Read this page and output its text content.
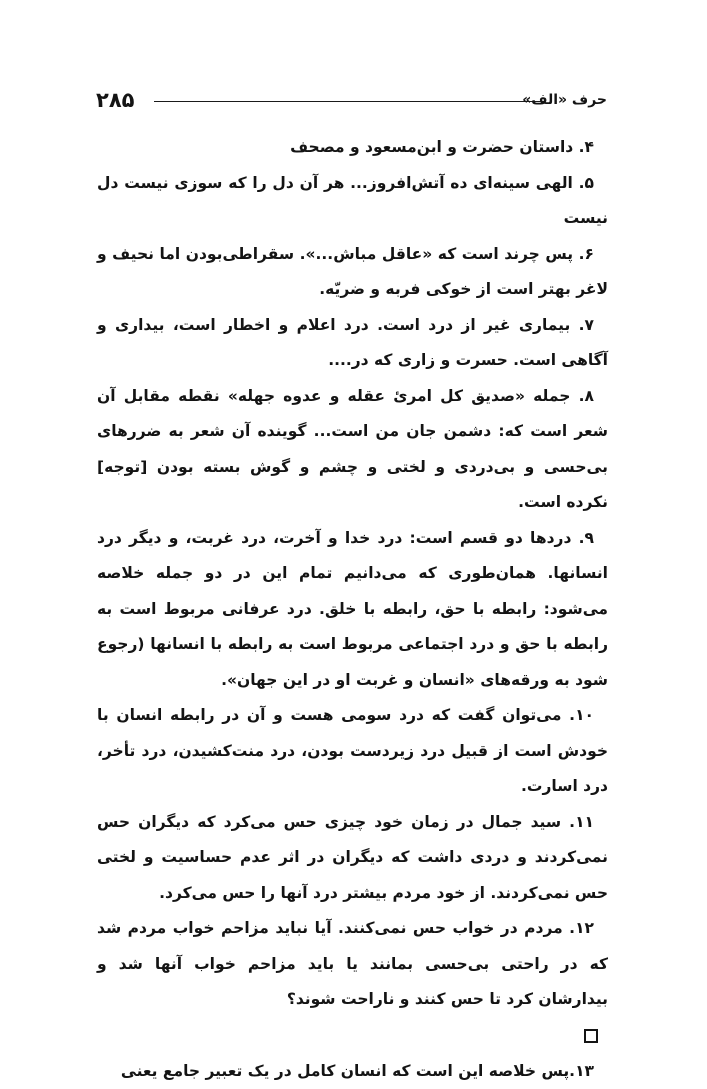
۲۸۵	حرف «الف»

۴. داستان حضرت و ابن‌مسعود و مصحف

۵. الهی سینه‌ای ده آتش‌افروز... هر آن دل را که سوزی نیست دل نیست

۶. پس چرند است که «عاقل مباش...». سقراطی‌بودن اما نحیف و لاغر بهتر است از خوکی فربه و ضریّه.

۷. بیماری غیر از درد است. درد اعلام و اخطار است، بیداری و آگاهی است. حسرت و زاری که در....

۸. جمله «صدیق کل امرئ عقله و عدوه جهله» نقطه مقابل آن شعر است که: دشمن جان من است... گوینده آن شعر به ضررهای بی‌حسی و بی‌دردی و لختی و چشم و گوش بسته بودن [توجه] نکرده است.

۹. دردها دو قسم است: درد خدا و آخرت، درد غربت، و دیگر درد انسانها. همان‌طوری که می‌دانیم تمام این در دو جمله خلاصه می‌شود: رابطه با حق، رابطه با خلق. درد عرفانی مربوط است به رابطه با حق و درد اجتماعی مربوط است به رابطه با انسانها (رجوع شود به ورقه‌های «انسان و غربت او در این جهان».

۱۰. می‌توان گفت که درد سومی هست و آن در رابطه انسان با خودش است از قبیل درد زیردست بودن، درد منت‌کشیدن، درد تأخر، درد اسارت.

۱۱. سید جمال در زمان خود چیزی حس می‌کرد که دیگران حس نمی‌کردند و دردی داشت که دیگران در اثر عدم حساسیت و لختی حس نمی‌کردند. از خود مردم بیشتر درد آنها را حس می‌کرد.

۱۲. مردم در خواب حس نمی‌کنند. آیا نباید مزاحم خواب مردم شد که در راحتی بی‌حسی بمانند یا باید مزاحم خواب آنها شد و بیدارشان کرد تا حس کنند و ناراحت شوند؟

۱۳.پس خلاصه این است که انسان کامل در یک تعبیر جامع یعنی
